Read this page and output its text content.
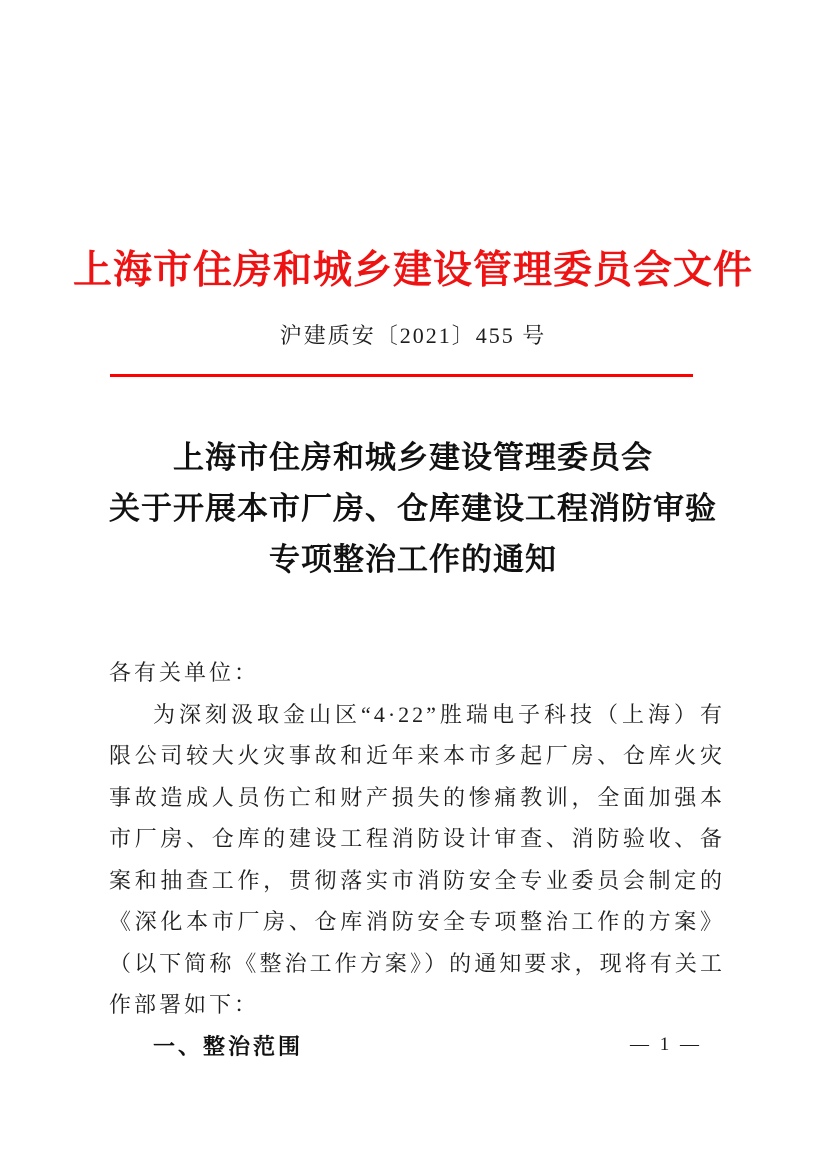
上海市住房和城乡建设管理委员会文件
沪建质安〔2021〕455 号
上海市住房和城乡建设管理委员会
关于开展本市厂房、仓库建设工程消防审验
专项整治工作的通知
各有关单位：
为深刻汲取金山区“4·22”胜瑞电子科技（上海）有限公司较大火灾事故和近年来本市多起厂房、仓库火灾事故造成人员伤亡和财产损失的惨痛教训，全面加强本市厂房、仓库的建设工程消防设计审查、消防验收、备案和抽查工作，贯彻落实市消防安全专业委员会制定的《深化本市厂房、仓库消防安全专项整治工作的方案》（以下简称《整治工作方案》）的通知要求，现将有关工作部署如下：
一、整治范围	— 1 —
